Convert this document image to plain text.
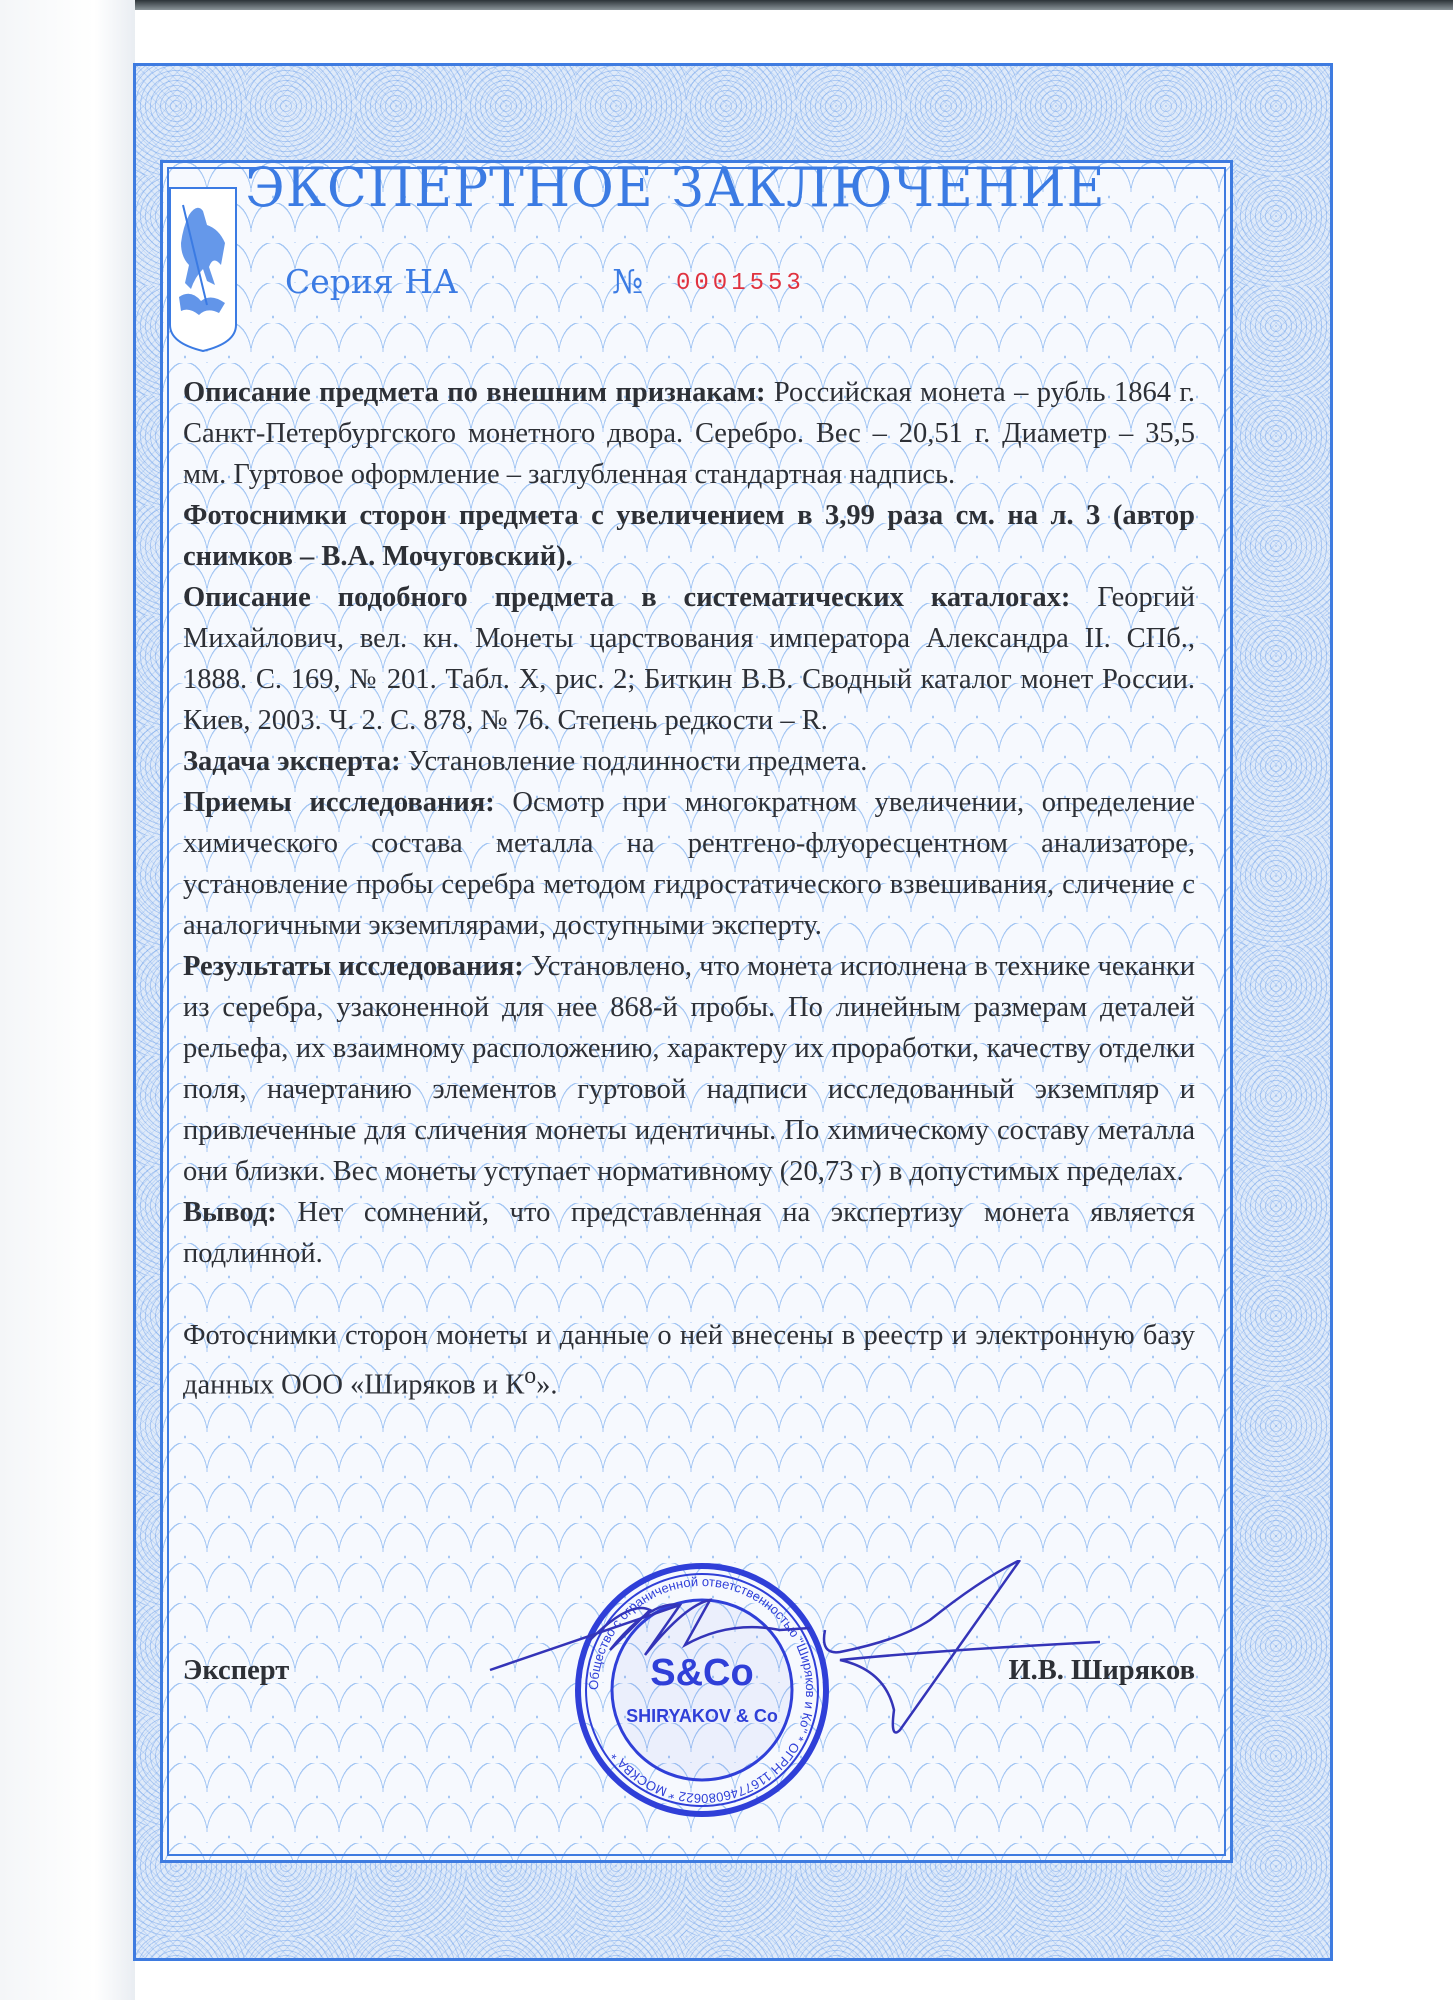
ЭКСПЕРТНОЕ ЗАКЛЮЧЕНИЕ
Серия НА	№ 0001553

Описание предмета по внешним признакам: Российская монета – рубль 1864 г. Санкт-Петербургского монетного двора. Серебро. Вес – 20,51 г. Диаметр – 35,5 мм. Гуртовое оформление – заглубленная стандартная надпись.

Фотоснимки сторон предмета с увеличением в 3,99 раза см. на л. 3 (автор снимков – В.А. Мочуговский).

Описание подобного предмета в систематических каталогах: Георгий Михайлович, вел. кн. Монеты царствования императора Александра II. СПб., 1888. С. 169, № 201. Табл. X, рис. 2; Биткин В.В. Сводный каталог монет России. Киев, 2003. Ч. 2. С. 878, № 76. Степень редкости – R.

Задача эксперта: Установление подлинности предмета.

Приемы исследования: Осмотр при многократном увеличении, определение химического состава металла на рентгено-флуоресцентном анализаторе, установление пробы серебра методом гидростатического взвешивания, сличение с аналогичными экземплярами, доступными эксперту.

Результаты исследования: Установлено, что монета исполнена в технике чеканки из серебра, узаконенной для нее 868-й пробы. По линейным размерам деталей рельефа, их взаимному расположению, характеру их проработки, качеству отделки поля, начертанию элементов гуртовой надписи исследованный экземпляр и привлеченные для сличения монеты идентичны. По химическому составу металла они близки. Вес монеты уступает нормативному (20,73 г) в допустимых пределах.

Вывод: Нет сомнений, что представленная на экспертизу монета является подлинной.

Фотоснимки сторон монеты и данные о ней внесены в реестр и электронную базу данных ООО «Ширяков и $К^о$».

Общество с ограниченной ответственностью "Ширяков и Ко" * ОГРН 1167746080622 * МОСКВА *
S&Co
SHIRYAKOV & Co
Эксперт	И.В. Ширяков
